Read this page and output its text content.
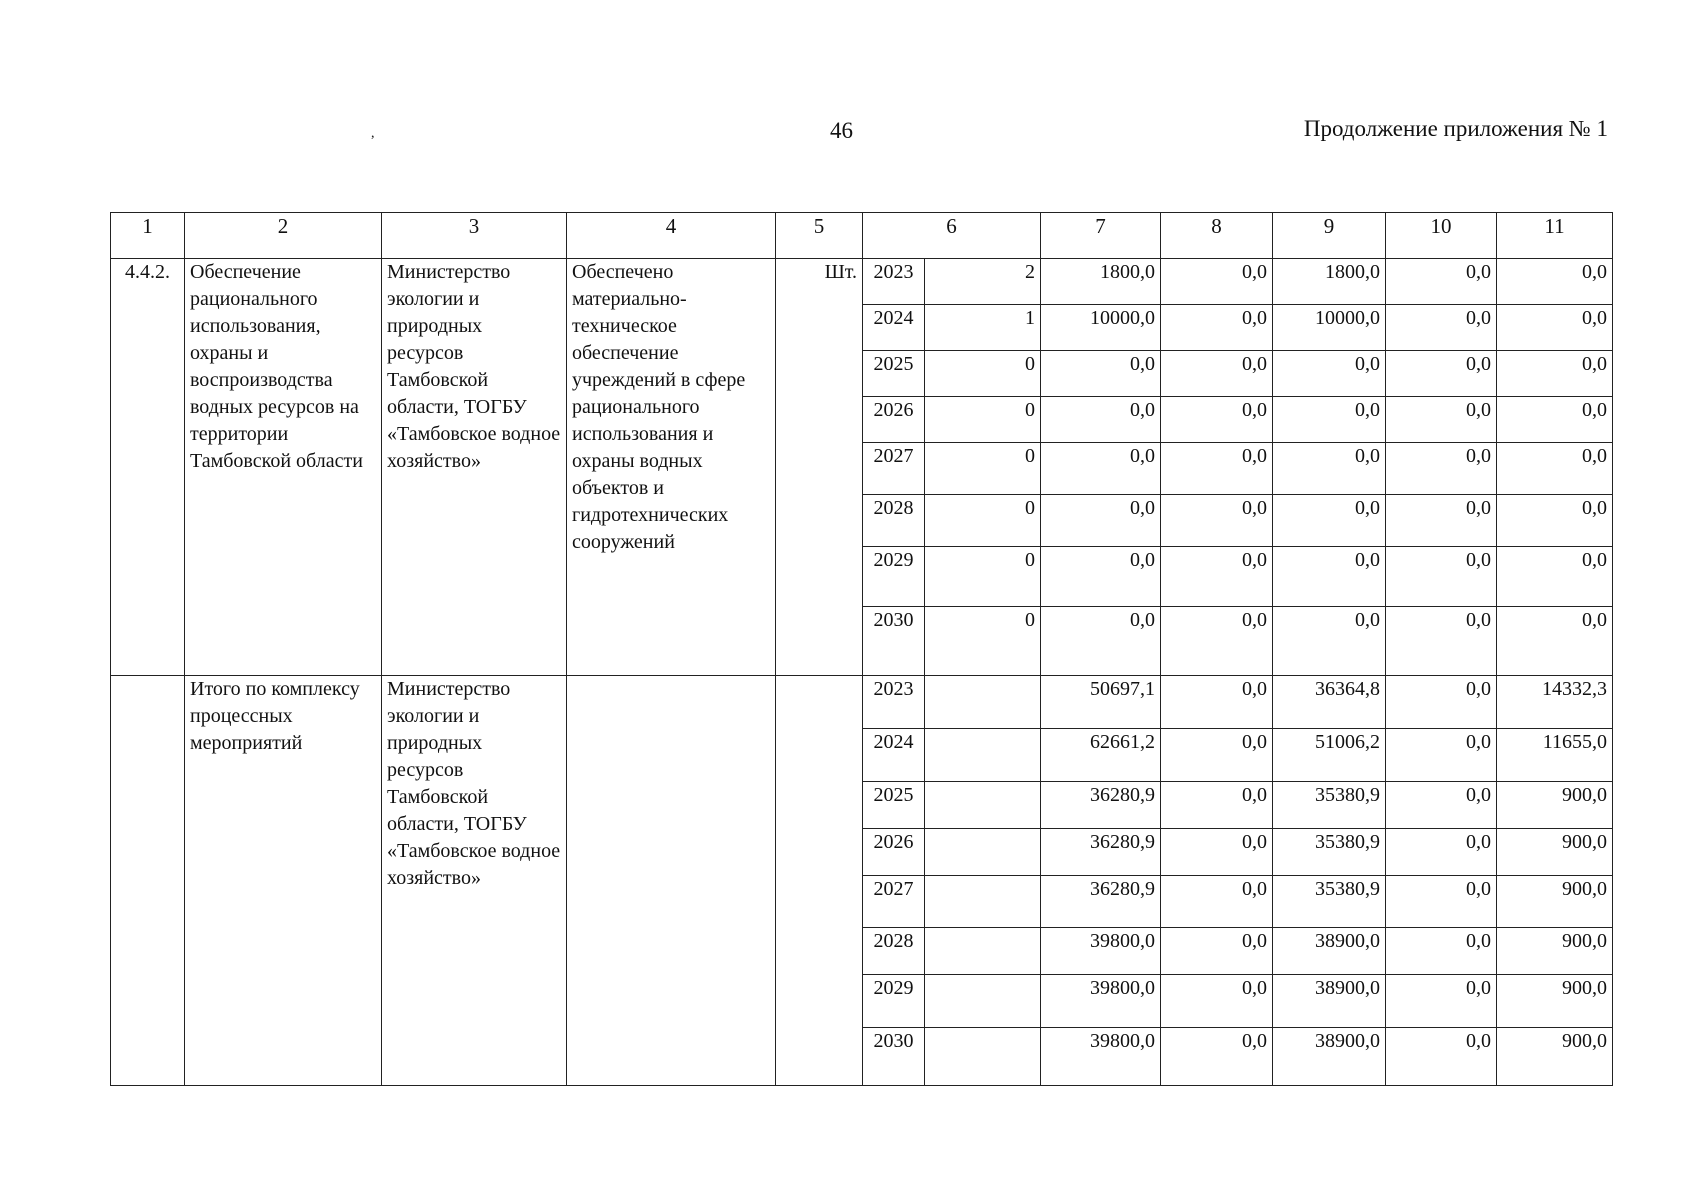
,	46	Продолжение приложения № 1
1	2	3	4	5	6		7	8	9	10	11
4.4.2.	Обеспечение рационального использования, охраны и воспроизводства водных ресурсов на территории Тамбовской области	Министерство экологии и природных ресурсов Тамбовской области, ТОГБУ «Тамбовское водное хозяйство»	Обеспечено материально-техническое обеспечение учреждений в сфере рационального использования и охраны водных объектов и гидротехнических сооружений	Шт.	2023	2	1800,0	0,0	1800,0	0,0	0,0
					2024	1	10000,0	0,0	10000,0	0,0	0,0
					2025	0	0,0	0,0	0,0	0,0	0,0
					2026	0	0,0	0,0	0,0	0,0	0,0
					2027	0	0,0	0,0	0,0	0,0	0,0
					2028	0	0,0	0,0	0,0	0,0	0,0
					2029	0	0,0	0,0	0,0	0,0	0,0
					2030	0	0,0	0,0	0,0	0,0	0,0
	Итого по комплексу процессных мероприятий	Министерство экологии и природных ресурсов Тамбовской области, ТОГБУ «Тамбовское водное хозяйство»			2023		50697,1	0,0	36364,8	0,0	14332,3
					2024		62661,2	0,0	51006,2	0,0	11655,0
					2025		36280,9	0,0	35380,9	0,0	900,0
					2026		36280,9	0,0	35380,9	0,0	900,0
					2027		36280,9	0,0	35380,9	0,0	900,0
					2028		39800,0	0,0	38900,0	0,0	900,0
					2029		39800,0	0,0	38900,0	0,0	900,0
					2030		39800,0	0,0	38900,0	0,0	900,0
